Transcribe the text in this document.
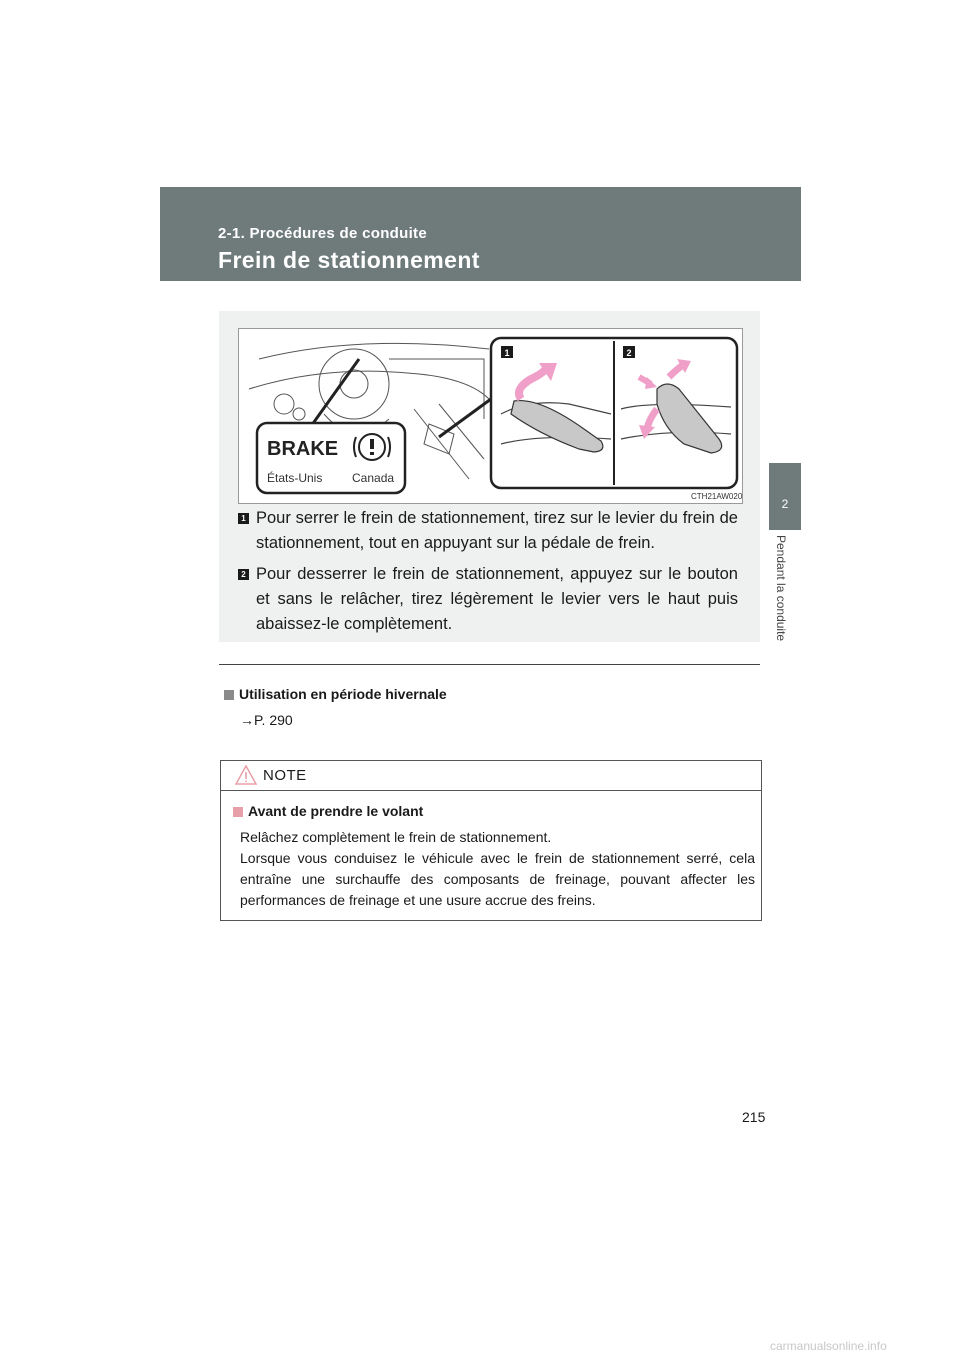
2-1. Procédures de conduite
Frein de stationnement
2
Pendant la conduite
1	2
BRAKE
États-Unis Canada
CTH21AW020
1 Pour serrer le frein de stationnement, tirez sur le levier du frein de stationnement, tout en appuyant sur la pédale de frein.
2 Pour desserrer le frein de stationnement, appuyez sur le bouton et sans le relâcher, tirez légèrement le levier vers le haut puis abaissez-le complètement.
Utilisation en période hivernale
→P. 290
NOTE
Avant de prendre le volant

Relâchez complètement le frein de stationnement.

Lorsque vous conduisez le véhicule avec le frein de stationnement serré, cela entraîne une surchauffe des composants de freinage, pouvant affecter les performances de freinage et une usure accrue des freins.

215
carmanualsonline.info
